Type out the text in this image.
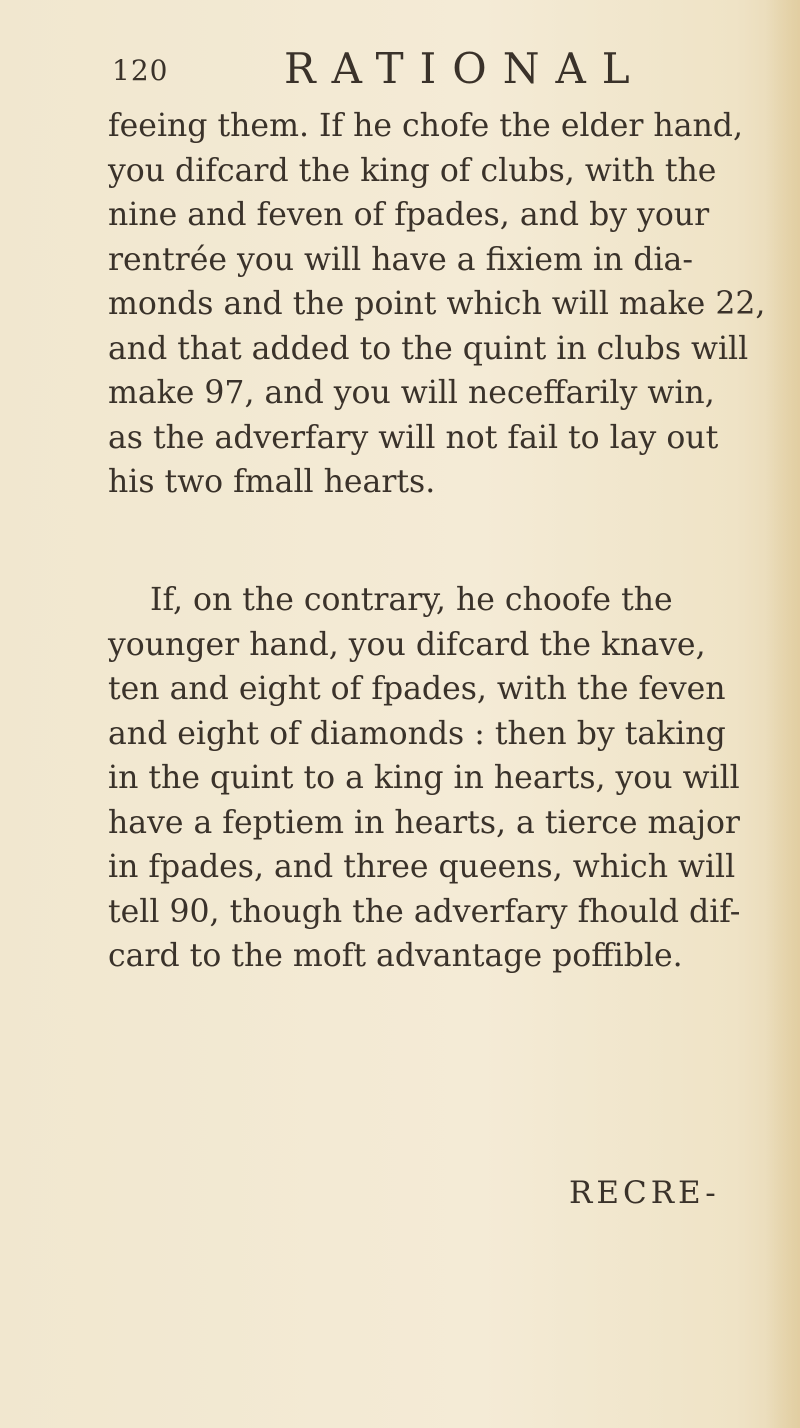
120	RATIONAL
feeing them. If he chofe the elder hand,
you difcard the king of clubs, with the
nine and feven of fpades, and by your
rentrée you will have a fixiem in dia-
monds and the point which will make 22,
and that added to the quint in clubs will
make 97, and you will neceffarily win,
as the adverfary will not fail to lay out
his two fmall hearts.
If, on the contrary, he choofe the
younger hand, you difcard the knave,
ten and eight of fpades, with the feven
and eight of diamonds : then by taking
in the quint to a king in hearts, you will
have a feptiem in hearts, a tierce major
in fpades, and three queens, which will
tell 90, though the adverfary fhould dif-
card to the moft advantage poffible.
RECRE-
